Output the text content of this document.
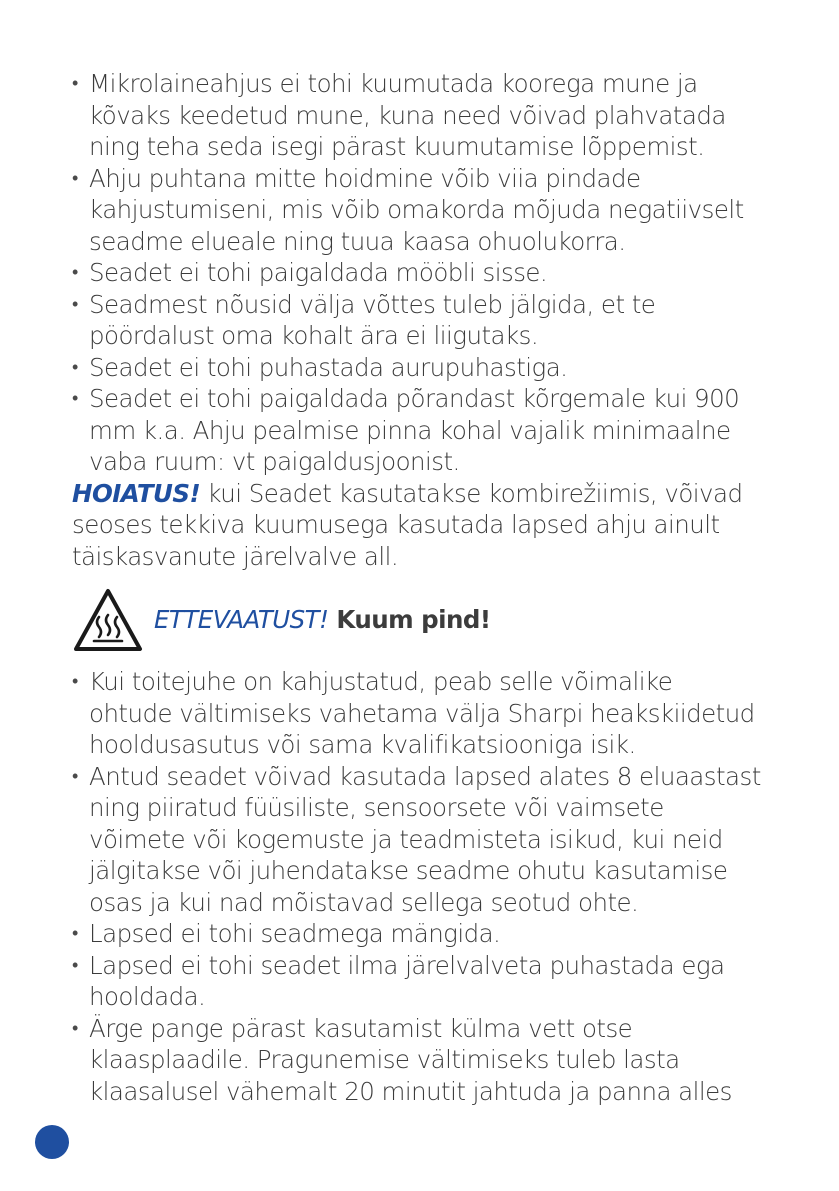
• Mikrolaineahjus ei tohi kuumutada koorega mune ja
kõvaks keedetud mune, kuna need võivad plahvatada
ning teha seda isegi pärast kuumutamise lõppemist.
• Ahju puhtana mitte hoidmine võib viia pindade
kahjustumiseni, mis võib omakorda mõjuda negatiivselt
seadme elueale ning tuua kaasa ohuolukorra.
• Seadet ei tohi paigaldada mööbli sisse.
• Seadmest nõusid välja võttes tuleb jälgida, et te
pöördalust oma kohalt ära ei liigutaks.
• Seadet ei tohi puhastada aurupuhastiga.
• Seadet ei tohi paigaldada põrandast kõrgemale kui 900
mm k.a. Ahju pealmise pinna kohal vajalik minimaalne
vaba ruum: vt paigaldusjoonist.

HOIATUS! kui Seadet kasutatakse kombirežiimis, võivad
seoses tekkiva kuumusega kasutada lapsed ahju ainult
täiskasvanute järelvalve all.

ETTEVAATUST! Kuum pind!
• Kui toitejuhe on kahjustatud, peab selle võimalike
ohtude vältimiseks vahetama välja Sharpi heakskiidetud
hooldusasutus või sama kvalifikatsiooniga isik.
• Antud seadet võivad kasutada lapsed alates 8 eluaastast
ning piiratud füüsiliste, sensoorsete või vaimsete
võimete või kogemuste ja teadmisteta isikud, kui neid
jälgitakse või juhendatakse seadme ohutu kasutamise
osas ja kui nad mõistavad sellega seotud ohte.
• Lapsed ei tohi seadmega mängida.
• Lapsed ei tohi seadet ilma järelvalveta puhastada ega
hooldada.
• Ärge pange pärast kasutamist külma vett otse
klaasplaadile. Pragunemise vältimiseks tuleb lasta
klaasalusel vähemalt 20 minutit jahtuda ja panna alles
